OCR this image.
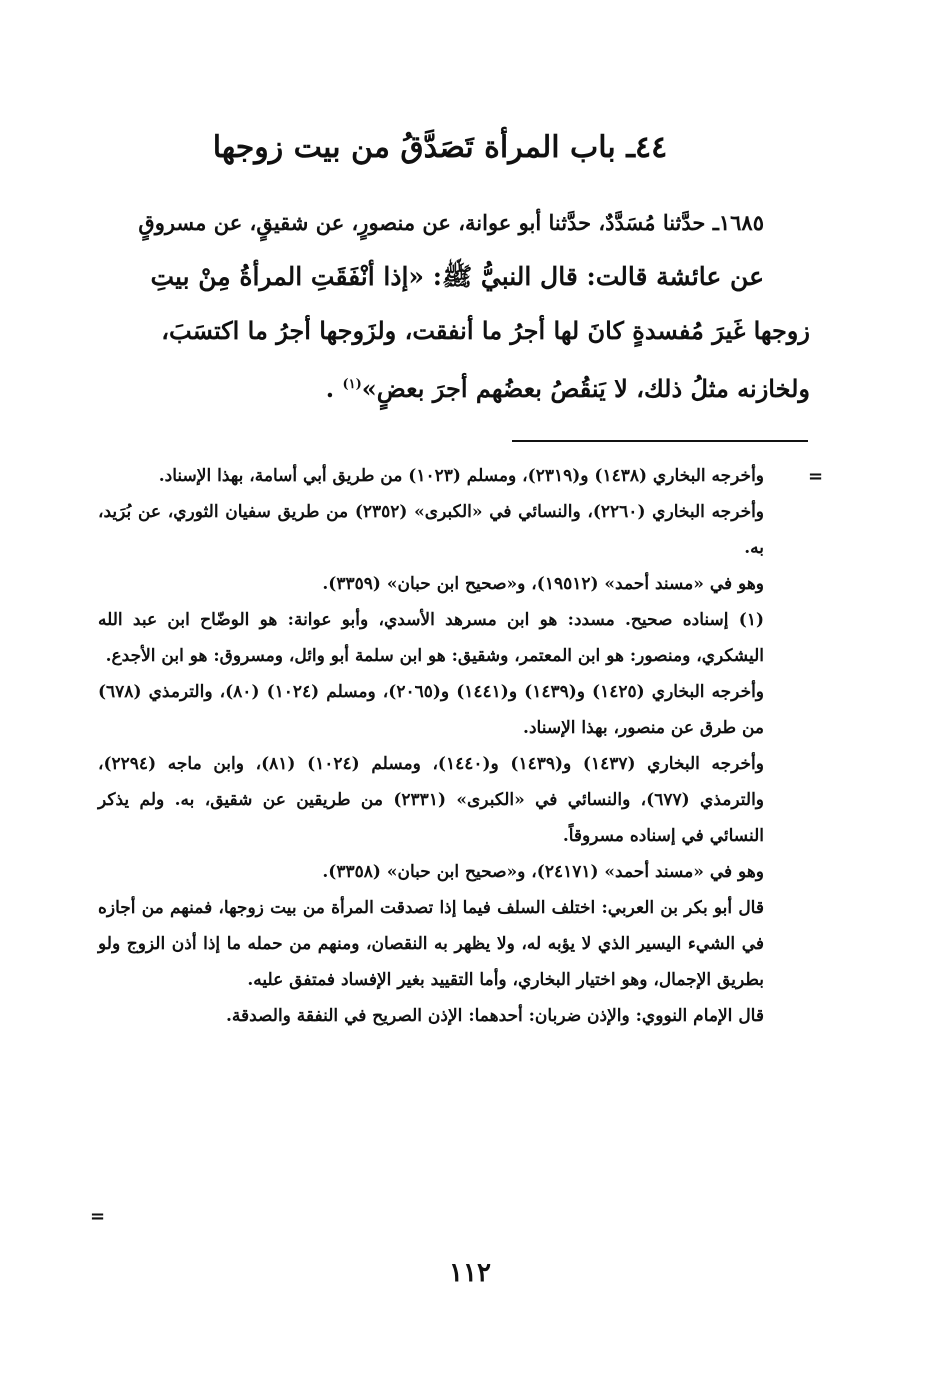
٤٤ـ باب المرأة تَصَدَّقُ من بيت زوجها
١٦٨٥ـ حدَّثنا مُسَدَّدٌ، حدَّثنا أبو عوانة، عن منصورٍ، عن شقيقٍ، عن مسروقٍ
عن عائشة قالت: قال النبيُّ ﷺ: «إذا أنْفَقَتِ المرأةُ مِنْ بيتِ
زوجها غَيرَ مُفسدةٍ كانَ لها أجرُ ما أنفقت، ولزَوجها أجرُ ما اكتسَبَ،
ولخازنه مثلُ ذلك، لا يَنقُصُ بعضُهم أجرَ بعضٍ»$^{(١)}$ .
=

وأخرجه البخاري (١٤٣٨) و(٢٣١٩)، ومسلم (١٠٢٣) من طريق أبي أسامة، بهذا الإسناد.

وأخرجه البخاري (٢٢٦٠)، والنسائي في «الكبرى» (٢٣٥٢) من طريق سفيان الثوري، عن بُرَيد، به.

وهو في «مسند أحمد» (١٩٥١٢)، و«صحيح ابن حبان» (٣٣٥٩).

(١) إسناده صحيح. مسدد: هو ابن مسرهد الأسدي، وأبو عوانة: هو الوضّاح ابن عبد الله اليشكري، ومنصور: هو ابن المعتمر، وشقيق: هو ابن سلمة أبو وائل، ومسروق: هو ابن الأجدع.

وأخرجه البخاري (١٤٢٥) و(١٤٣٩) و(١٤٤١) و(٢٠٦٥)، ومسلم (١٠٢٤) (٨٠)، والترمذي (٦٧٨) من طرق عن منصور، بهذا الإسناد.

وأخرجه البخاري (١٤٣٧) و(١٤٣٩) و(١٤٤٠)، ومسلم (١٠٢٤) (٨١)، وابن ماجه (٢٢٩٤)، والترمذي (٦٧٧)، والنسائي في «الكبرى» (٢٣٣١) من طريقين عن شقيق، به. ولم يذكر النسائي في إسناده مسروقاً.

وهو في «مسند أحمد» (٢٤١٧١)، و«صحيح ابن حبان» (٣٣٥٨).

قال أبو بكر بن العربي: اختلف السلف فيما إذا تصدقت المرأة من بيت زوجها، فمنهم من أجازه في الشيء اليسير الذي لا يؤبه له، ولا يظهر به النقصان، ومنهم من حمله ما إذا أذن الزوج ولو بطريق الإجمال، وهو اختيار البخاري، وأما التقييد بغير الإفساد فمتفق عليه.

قال الإمام النووي: والإذن ضربان: أحدهما: الإذن الصريح في النفقة والصدقة.

=
١١٢
